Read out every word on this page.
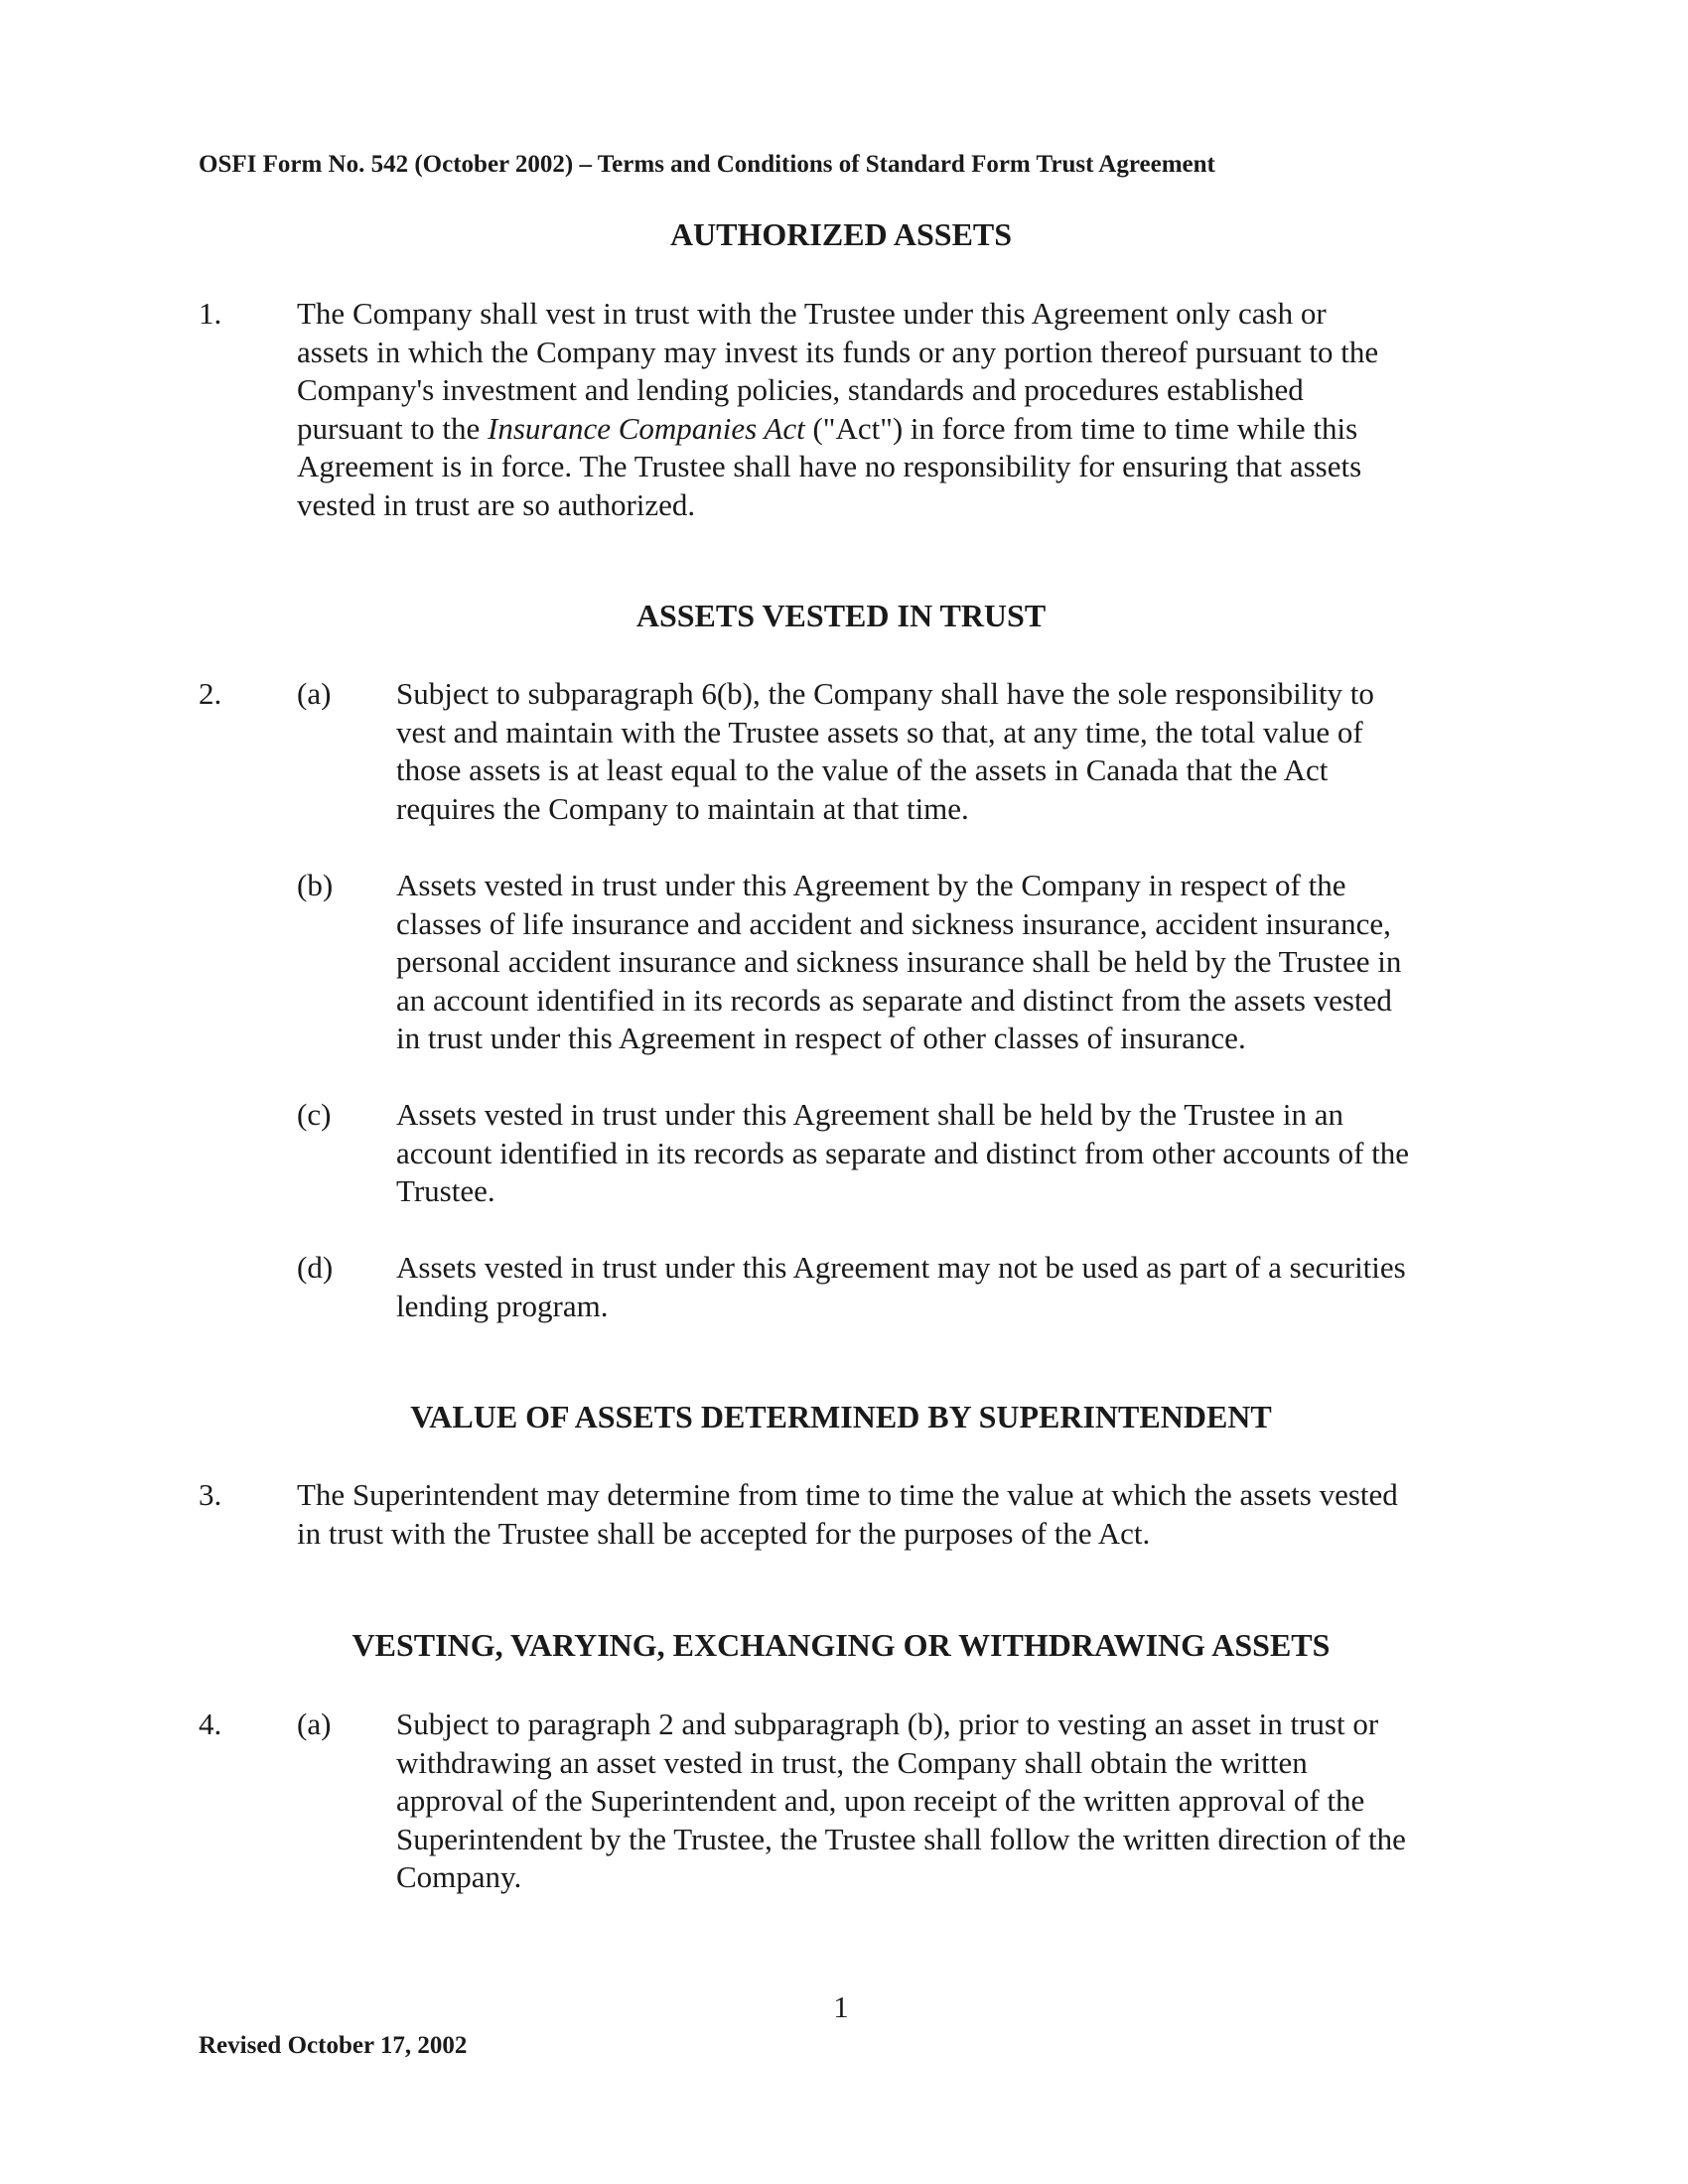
OSFI Form No. 542 (October 2002) – Terms and Conditions of Standard Form Trust Agreement
AUTHORIZED ASSETS
1. The Company shall vest in trust with the Trustee under this Agreement only cash or
assets in which the Company may invest its funds or any portion thereof pursuant to the
Company's investment and lending policies, standards and procedures established
pursuant to the Insurance Companies Act ("Act") in force from time to time while this
Agreement is in force. The Trustee shall have no responsibility for ensuring that assets
vested in trust are so authorized.
ASSETS VESTED IN TRUST
2. (a) Subject to subparagraph 6(b), the Company shall have the sole responsibility to
vest and maintain with the Trustee assets so that, at any time, the total value of
those assets is at least equal to the value of the assets in Canada that the Act
requires the Company to maintain at that time.
(b) Assets vested in trust under this Agreement by the Company in respect of the
classes of life insurance and accident and sickness insurance, accident insurance,
personal accident insurance and sickness insurance shall be held by the Trustee in
an account identified in its records as separate and distinct from the assets vested
in trust under this Agreement in respect of other classes of insurance.
(c) Assets vested in trust under this Agreement shall be held by the Trustee in an
account identified in its records as separate and distinct from other accounts of the
Trustee.
(d) Assets vested in trust under this Agreement may not be used as part of a securities
lending program.
VALUE OF ASSETS DETERMINED BY SUPERINTENDENT
3. The Superintendent may determine from time to time the value at which the assets vested
in trust with the Trustee shall be accepted for the purposes of the Act.
VESTING, VARYING, EXCHANGING OR WITHDRAWING ASSETS
4. (a) Subject to paragraph 2 and subparagraph (b), prior to vesting an asset in trust or
withdrawing an asset vested in trust, the Company shall obtain the written
approval of the Superintendent and, upon receipt of the written approval of the
Superintendent by the Trustee, the Trustee shall follow the written direction of the
Company.
1
Revised October 17, 2002
